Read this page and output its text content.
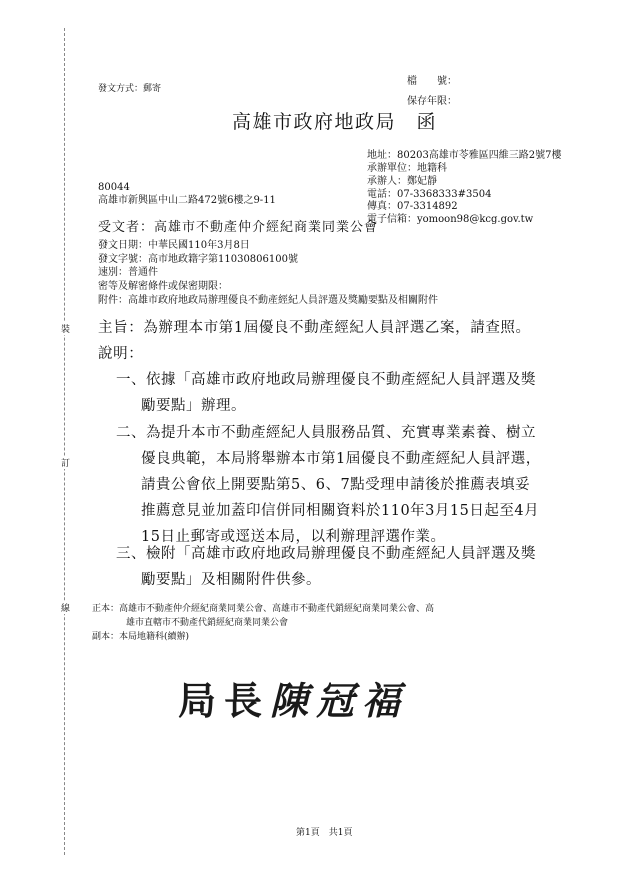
裝
訂
線
發文方式：郵寄
檔　　號：
保存年限：
高雄市政府地政局　函
地址：80203高雄市苓雅區四維三路2號7樓
承辦單位：地籍科
承辦人：鄭妃靜
電話：07-3368333#3504
傳真：07-3314892
電子信箱：yomoon98@kcg.gov.tw
80044
高雄市新興區中山二路472號6樓之9-11
受文者：高雄市不動產仲介經紀商業同業公會
發文日期：中華民國110年3月8日
發文字號：高市地政籍字第11030806100號
速別：普通件
密等及解密條件或保密期限：
附件：高雄市政府地政局辦理優良不動產經紀人員評選及獎勵要點及相關附件
主旨：為辦理本市第1屆優良不動產經紀人員評選乙案，請查照。
說明：
一、依據「高雄市政府地政局辦理優良不動產經紀人員評選及獎
勵要點」辦理。
二、為提升本市不動產經紀人員服務品質、充實專業素養、樹立
優良典範，本局將舉辦本市第1屆優良不動產經紀人員評選，
請貴公會依上開要點第5、6、7點受理申請後於推薦表填妥
推薦意見並加蓋印信併同相關資料於110年3月15日起至4月
15日止郵寄或逕送本局，以利辦理評選作業。
三、檢附「高雄市政府地政局辦理優良不動產經紀人員評選及獎
勵要點」及相關附件供參。
正本：高雄市不動產仲介經紀商業同業公會、高雄市不動產代銷經紀商業同業公會、高
雄市直轄市不動產代銷經紀商業同業公會
副本：本局地籍科(續辦)
局長陳冠福
第1頁　共1頁
